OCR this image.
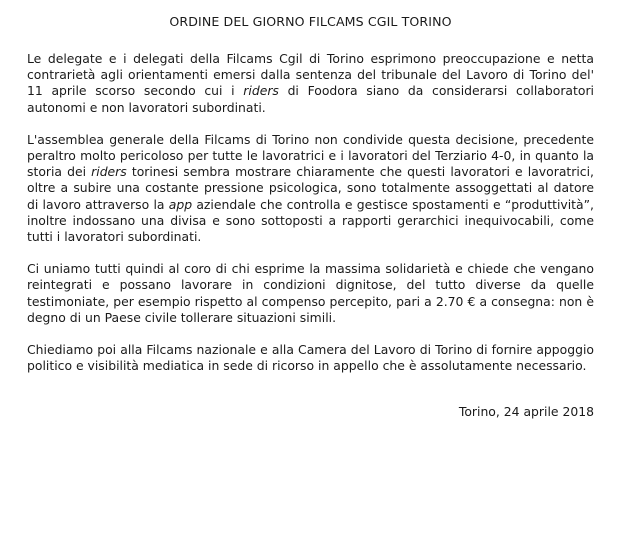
ORDINE DEL GIORNO FILCAMS CGIL TORINO
Le delegate e i delegati della Filcams Cgil di Torino esprimono preoccupazione e netta contrarietà agli orientamenti emersi dalla sentenza del tribunale del Lavoro di Torino del' 11 aprile scorso secondo cui i riders di Foodora siano da considerarsi collaboratori autonomi e non lavoratori subordinati.
L'assemblea generale della Filcams di Torino non condivide questa decisione, precedente peraltro molto pericoloso per tutte le lavoratrici e i lavoratori del Terziario 4-0, in quanto la storia dei riders torinesi sembra mostrare chiaramente che questi lavoratori e lavoratrici, oltre a subire una costante pressione psicologica, sono totalmente assoggettati al datore di lavoro attraverso la app aziendale che controlla e gestisce spostamenti e “produttività”, inoltre indossano una divisa e sono sottoposti a rapporti gerarchici inequivocabili, come tutti i lavoratori subordinati.
Ci uniamo tutti quindi al coro di chi esprime la massima solidarietà e chiede che vengano reintegrati e possano lavorare in condizioni dignitose, del tutto diverse da quelle testimoniate, per esempio rispetto al compenso percepito, pari a 2.70 € a consegna: non è degno di un Paese civile tollerare situazioni simili.
Chiediamo poi alla Filcams nazionale e alla Camera del Lavoro di Torino di fornire appoggio politico e visibilità mediatica in sede di ricorso in appello che è assolutamente necessario.
Torino, 24 aprile 2018
